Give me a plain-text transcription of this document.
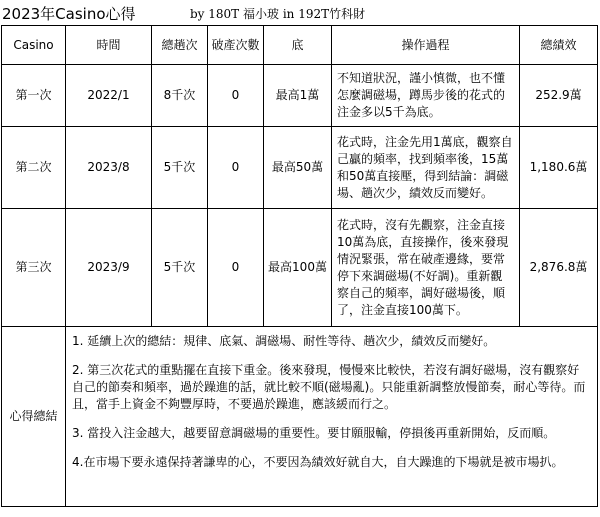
2023年Casino心得	by 180T 福小玻 in 192T竹科財
Casino	時間	總趟次	破產次數	底	操作過程	總績效
第一次	2022/1	8千次	0	最高1萬	不知道狀況，謹小慎微，也不懂怎麼調磁場，蹲馬步後的花式的注金多以5千為底。	252.9萬
第二次	2023/8	5千次	0	最高50萬	花式時，注金先用1萬底，觀察自己贏的頻率，找到頻率後，15萬和50萬直接壓，得到結論：調磁場、趟次少，績效反而變好。	1,180.6萬
第三次	2023/9	5千次	0	最高100萬	花式時，沒有先觀察，注金直接10萬為底，直接操作，後來發現情況緊張，常在破產邊緣，要常停下來調磁場(不好調)。重新觀察自己的頻率，調好磁場後，順了，注金直接100萬下。	2,876.8萬
心得總結	1. 延續上次的總結：規律、底氣、調磁場、耐性等待、趟次少，績效反而變好。
2. 第三次花式的重點擺在直接下重金。後來發現，慢慢來比較快，若沒有調好磁場，沒有觀察好自己的節奏和頻率，過於躁進的話，就比較不順(磁場亂)。只能重新調整放慢節奏，耐心等待。而且，當手上資金不夠豐厚時，不要過於躁進，應該緩而行之。
3. 當投入注金越大，越要留意調磁場的重要性。要甘願服輸，停損後再重新開始，反而順。
4.在市場下要永遠保持著謙卑的心，不要因為績效好就自大，自大躁進的下場就是被市場扒。					
